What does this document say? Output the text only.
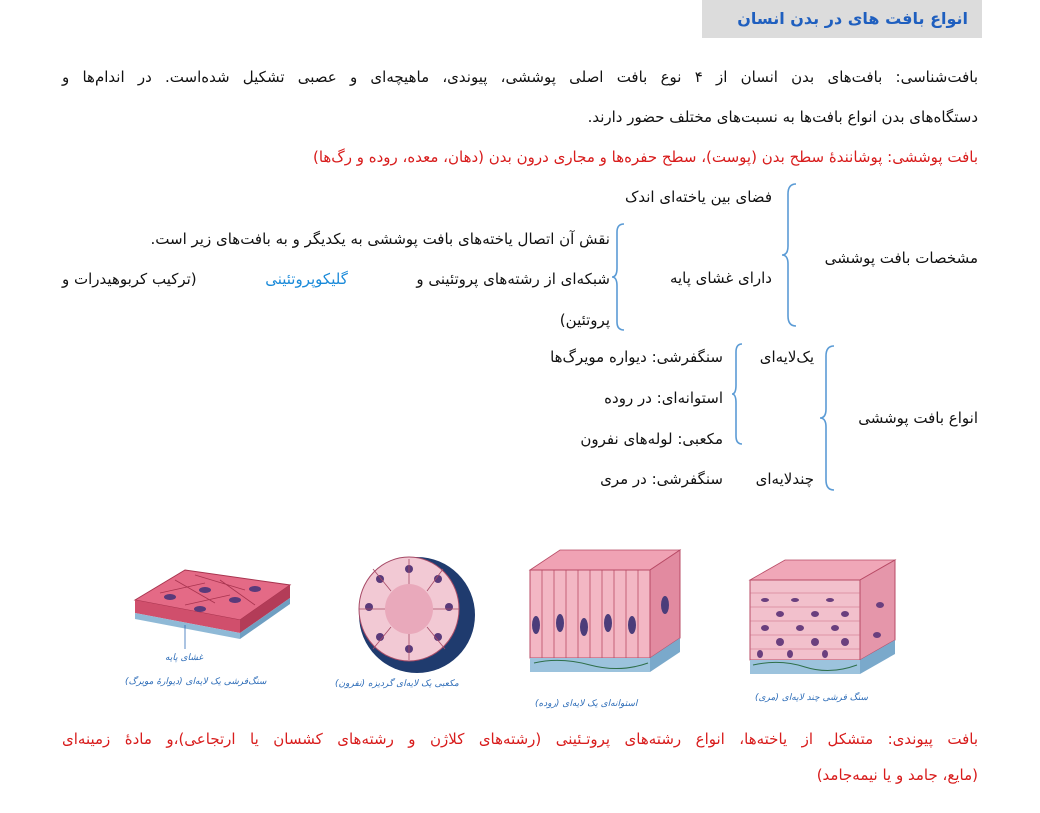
انواع بافت های در بدن انسان
بافت‌شناسی: بافت‌های بدن انسان از ۴ نوع بافت اصلی پوششی، پیوندی، ماهیچه‌ای و عصبی تشکیل شده‌است. در اندام‌ها و
دستگاه‌های بدن انواع بافت‌ها به نسبت‌های مختلف حضور دارند.
بافت پوششی: پوشانندهٔ سطح بدن (پوست)، سطح حفره‌ها و مجاری درون بدن (دهان، معده، روده و رگ‌ها)
مشخصات بافت پوششی
فضای بین یاخته‌ای اندک
دارای غشای پایه
نقش آن اتصال یاخته‌های بافت پوششی به یکدیگر و به بافت‌های زیر است.
شبکه‌ای از رشته‌های پروتئینی و
گلیکوپروتئینی
(ترکیب کربوهیدرات و
پروتئین)
انواع بافت پوششی
یک‌لایه‌ای
سنگفرشی: دیواره مویرگ‌ها
استوانه‌ای: در روده
مکعبی: لوله‌های نفرون
چندلایه‌ای
سنگفرشی: در مری
غشای پایه
سنگ‌فرشی یک لایه‌ای (دیوارهٔ مویرگ)	مکعبی یک لایه‌ای گردیزه (نفرون)
استوانه‌ای یک لایه‌ای (روده)
سنگ فرشی چند لایه‌ای (مری)
بافت پیوندی: متشکل از یاخته‌ها، انواع رشته‌های پروتـئینی (رشته‌های کلاژن و رشته‌های کشسان یا ارتجاعی)،و مادهٔ زمینه‌ای
(مایع، جامد و یا نیمه‌جامد)
